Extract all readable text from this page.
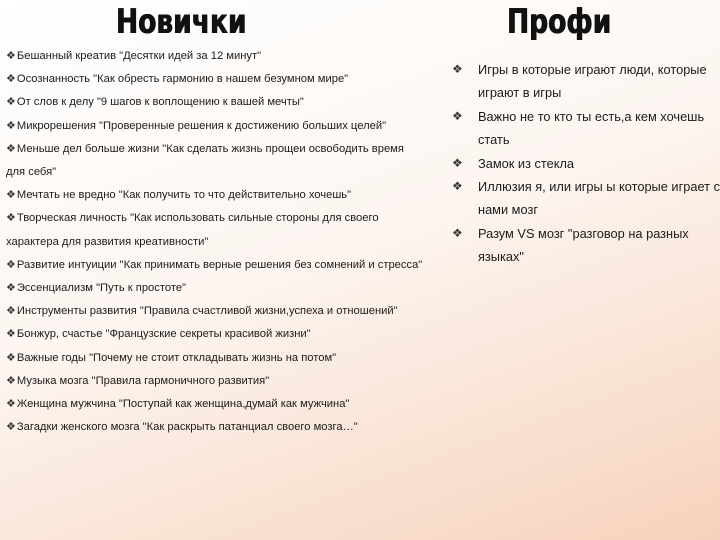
Новички	Профи
❖Бешанный креатив "Десятки идей за 12 минут"
❖Осознанность "Как обресть гармонию в нашем безумном мире"
❖От слов к делу "9 шагов к воплощению к вашей мечты"
❖Микрорешения "Проверенные решения к достижению больших целей"
❖Меньше дел больше жизни "Как сделать жизнь прощеи освободить время для себя"
❖Мечтать не вредно "Как получить то что действительно хочешь"
❖Творческая личность "Как использовать сильные стороны для своего характера для развития креативности"
❖Развитие интуиции "Как принимать верные решения без сомнений и стресса"
❖Эссенциализм "Путь к простоте"
❖Инструменты развития "Правила счастливой жизни,успеха и отношений"
❖Бонжур, счастье "Французские секреты красивой жизни"
❖Важные годы "Почему не стоит откладывать жизнь на потом"
❖Музыка мозга "Правила гармоничного развития"
❖Женщина мужчина "Поступай как женщина,думай как мужчина"
❖Загадки женского мозга "Как раскрыть патанциал своего мозга…"
❖ Игры в которые играют люди, которые играют в игры
❖ Важно не то кто ты есть,а кем хочешь стать
❖ Замок из стекла
❖ Иллюзия я, или игры ы которые играет с нами мозг
❖ Разум VS мозг "разговор на разных языках"
